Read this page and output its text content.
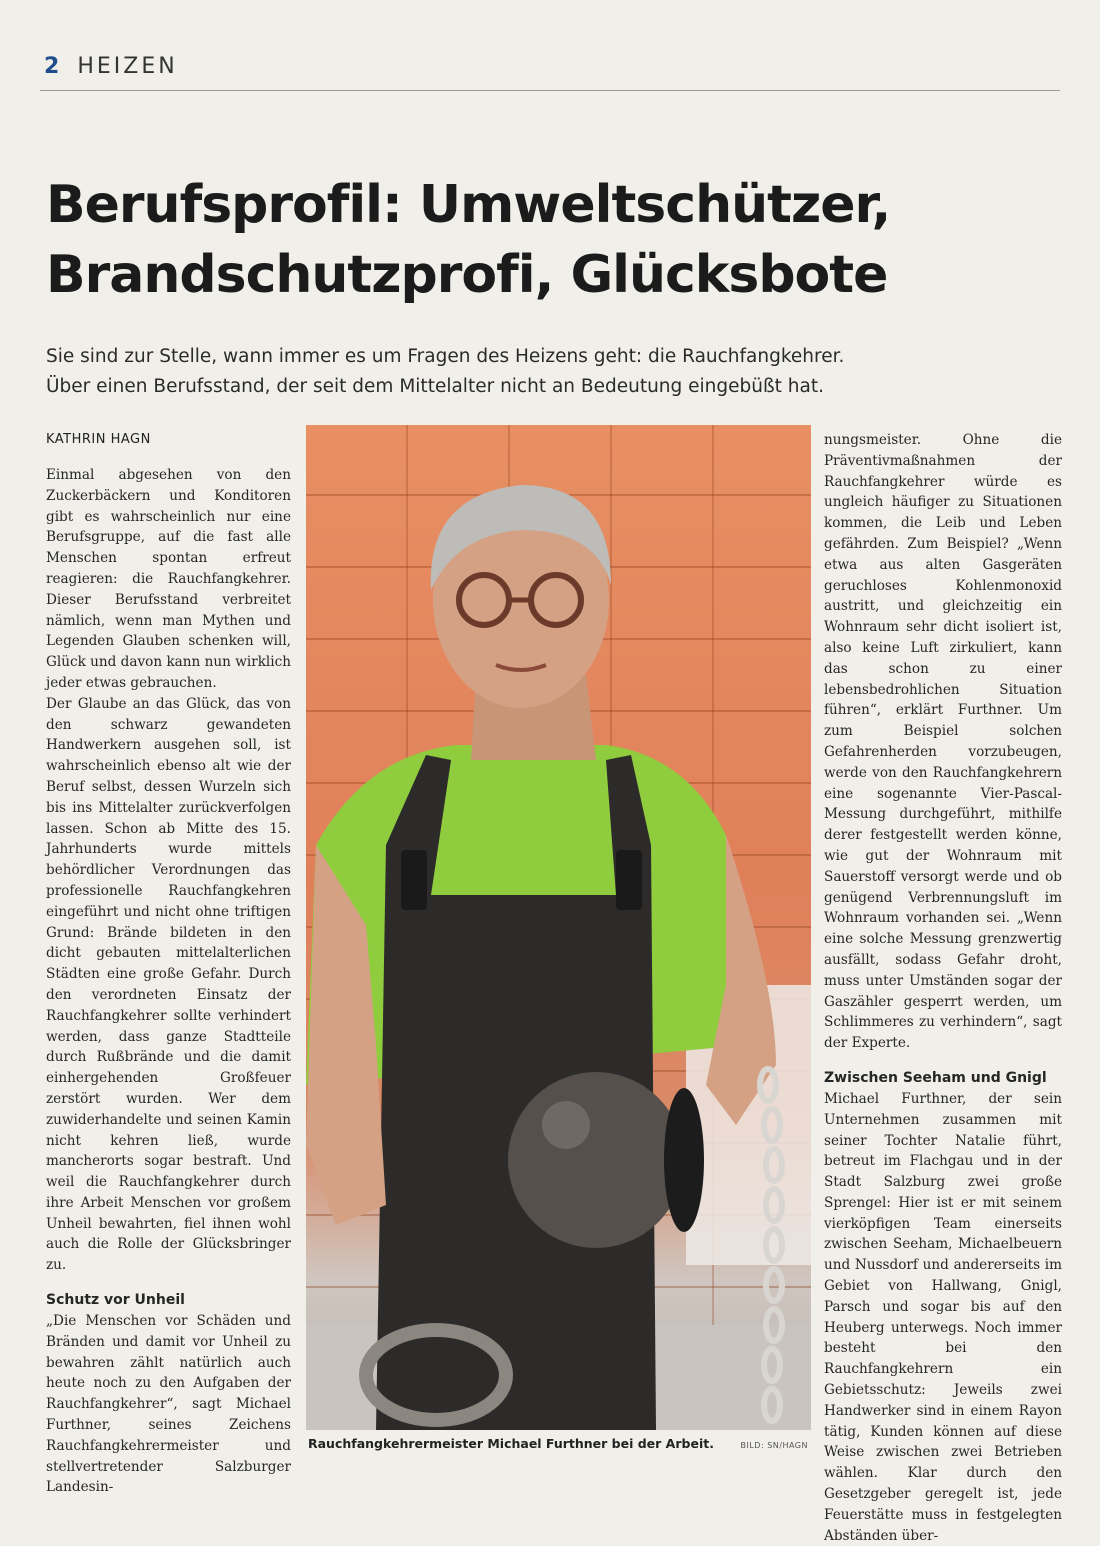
2 HEIZEN
Berufsprofil: Umweltschützer,
Brandschutzprofi, Glücksbote

Sie sind zur Stelle, wann immer es um Fragen des Heizens geht: die Rauchfangkehrer.
Über einen Berufsstand, der seit dem Mittelalter nicht an Bedeutung eingebüßt hat.

KATHRIN HAGN

Einmal abgesehen von den Zuckerbäckern und Konditoren gibt es wahrscheinlich nur eine Berufsgruppe, auf die fast alle Menschen spontan erfreut reagieren: die Rauchfangkehrer. Dieser Berufsstand verbreitet nämlich, wenn man Mythen und Legenden Glauben schenken will, Glück und davon kann nun wirklich jeder etwas gebrauchen.

Der Glaube an das Glück, das von den schwarz gewandeten Handwerkern ausgehen soll, ist wahrscheinlich ebenso alt wie der Beruf selbst, dessen Wurzeln sich bis ins Mittelalter zurückverfolgen lassen. Schon ab Mitte des 15. Jahrhunderts wurde mittels behördlicher Verordnungen das professionelle Rauchfangkehren eingeführt und nicht ohne triftigen Grund: Brände bildeten in den dicht gebauten mittelalterlichen Städten eine große Gefahr. Durch den verordneten Einsatz der Rauchfangkehrer sollte verhindert werden, dass ganze Stadtteile durch Rußbrände und die damit einhergehenden Großfeuer zerstört wurden. Wer dem zuwiderhandelte und seinen Kamin nicht kehren ließ, wurde mancherorts sogar bestraft. Und weil die Rauchfangkehrer durch ihre Arbeit Menschen vor großem Unheil bewahrten, fiel ihnen wohl auch die Rolle der Glücksbringer zu.

Schutz vor Unheil

„Die Menschen vor Schäden und Bränden und damit vor Unheil zu bewahren zählt natürlich auch heute noch zu den Aufgaben der Rauchfangkehrer“, sagt Michael Furthner, seines Zeichens Rauchfangkehrermeister und stellvertretender Salzburger Landesin-

Rauchfangkehrermeister Michael Furthner bei der Arbeit.	BILD: SN/HAGN

nungsmeister. Ohne die Präventivmaßnahmen der Rauchfangkehrer würde es ungleich häufiger zu Situationen kommen, die Leib und Leben gefährden. Zum Beispiel? „Wenn etwa aus alten Gasgeräten geruchloses Kohlenmonoxid austritt, und gleichzeitig ein Wohnraum sehr dicht isoliert ist, also keine Luft zirkuliert, kann das schon zu einer lebensbedrohlichen Situation führen“, erklärt Furthner. Um zum Beispiel solchen Gefahrenherden vorzubeugen, werde von den Rauchfangkehrern eine sogenannte Vier-Pascal-Messung durchgeführt, mithilfe derer festgestellt werden könne, wie gut der Wohnraum mit Sauerstoff versorgt werde und ob genügend Verbrennungsluft im Wohnraum vorhanden sei. „Wenn eine solche Messung grenzwertig ausfällt, sodass Gefahr droht, muss unter Umständen sogar der Gaszähler gesperrt werden, um Schlimmeres zu verhindern“, sagt der Experte.

Zwischen Seeham und Gnigl

Michael Furthner, der sein Unternehmen zusammen mit seiner Tochter Natalie führt, betreut im Flachgau und in der Stadt Salzburg zwei große Sprengel: Hier ist er mit seinem vierköpfigen Team einerseits zwischen Seeham, Michaelbeuern und Nussdorf und andererseits im Gebiet von Hallwang, Gnigl, Parsch und sogar bis auf den Heuberg unterwegs. Noch immer besteht bei den Rauchfangkehrern ein Gebietsschutz: Jeweils zwei Handwerker sind in einem Rayon tätig, Kunden können auf diese Weise zwischen zwei Betrieben wählen. Klar durch den Gesetzgeber geregelt ist, jede Feuerstätte muss in festgelegten Abständen über-
